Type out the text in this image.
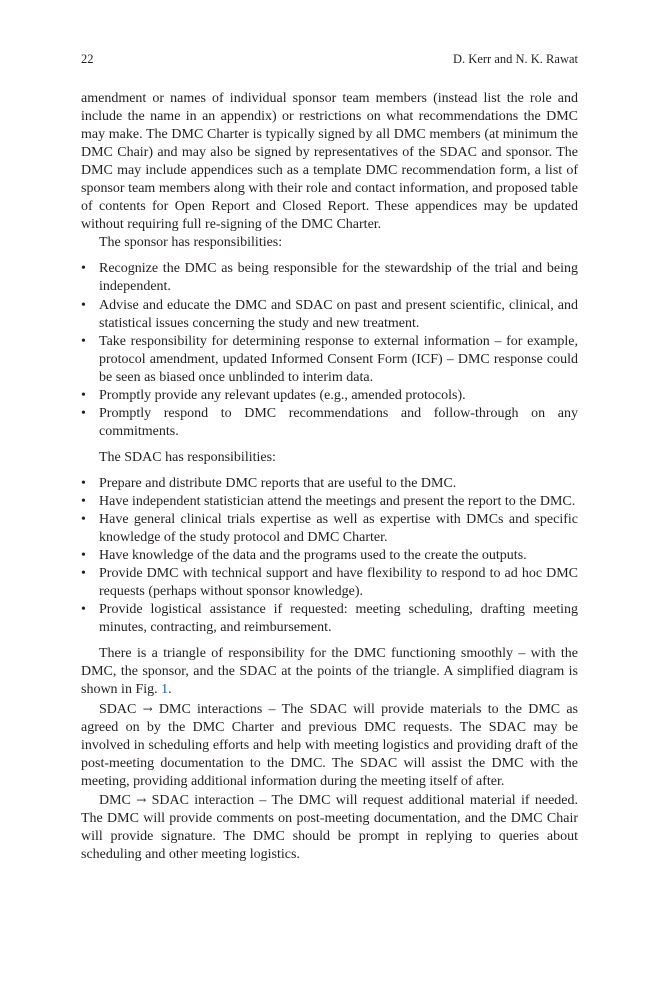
22	D. Kerr and N. K. Rawat

amendment or names of individual sponsor team members (instead list the role and include the name in an appendix) or restrictions on what recommendations the DMC may make. The DMC Charter is typically signed by all DMC members (at minimum the DMC Chair) and may also be signed by representatives of the SDAC and sponsor. The DMC may include appendices such as a template DMC recommendation form, a list of sponsor team members along with their role and contact information, and proposed table of contents for Open Report and Closed Report. These appendices may be updated without requiring full re-signing of the DMC Charter.

The sponsor has responsibilities:

• Recognize the DMC as being responsible for the stewardship of the trial and being independent.
• Advise and educate the DMC and SDAC on past and present scientific, clinical, and statistical issues concerning the study and new treatment.
• Take responsibility for determining response to external information – for example, protocol amendment, updated Informed Consent Form (ICF) – DMC response could be seen as biased once unblinded to interim data.
• Promptly provide any relevant updates (e.g., amended protocols).
• Promptly respond to DMC recommendations and follow-through on any commitments.

The SDAC has responsibilities:

• Prepare and distribute DMC reports that are useful to the DMC.
• Have independent statistician attend the meetings and present the report to the DMC.
• Have general clinical trials expertise as well as expertise with DMCs and specific knowledge of the study protocol and DMC Charter.
• Have knowledge of the data and the programs used to the create the outputs.
• Provide DMC with technical support and have flexibility to respond to ad hoc DMC requests (perhaps without sponsor knowledge).
• Provide logistical assistance if requested: meeting scheduling, drafting meeting minutes, contracting, and reimbursement.

There is a triangle of responsibility for the DMC functioning smoothly – with the DMC, the sponsor, and the SDAC at the points of the triangle. A simplified diagram is shown in Fig. 1.

SDAC → DMC interactions – The SDAC will provide materials to the DMC as agreed on by the DMC Charter and previous DMC requests. The SDAC may be involved in scheduling efforts and help with meeting logistics and providing draft of the post-meeting documentation to the DMC. The SDAC will assist the DMC with the meeting, providing additional information during the meeting itself of after.

DMC → SDAC interaction – The DMC will request additional material if needed. The DMC will provide comments on post-meeting documentation, and the DMC Chair will provide signature. The DMC should be prompt in replying to queries about scheduling and other meeting logistics.
